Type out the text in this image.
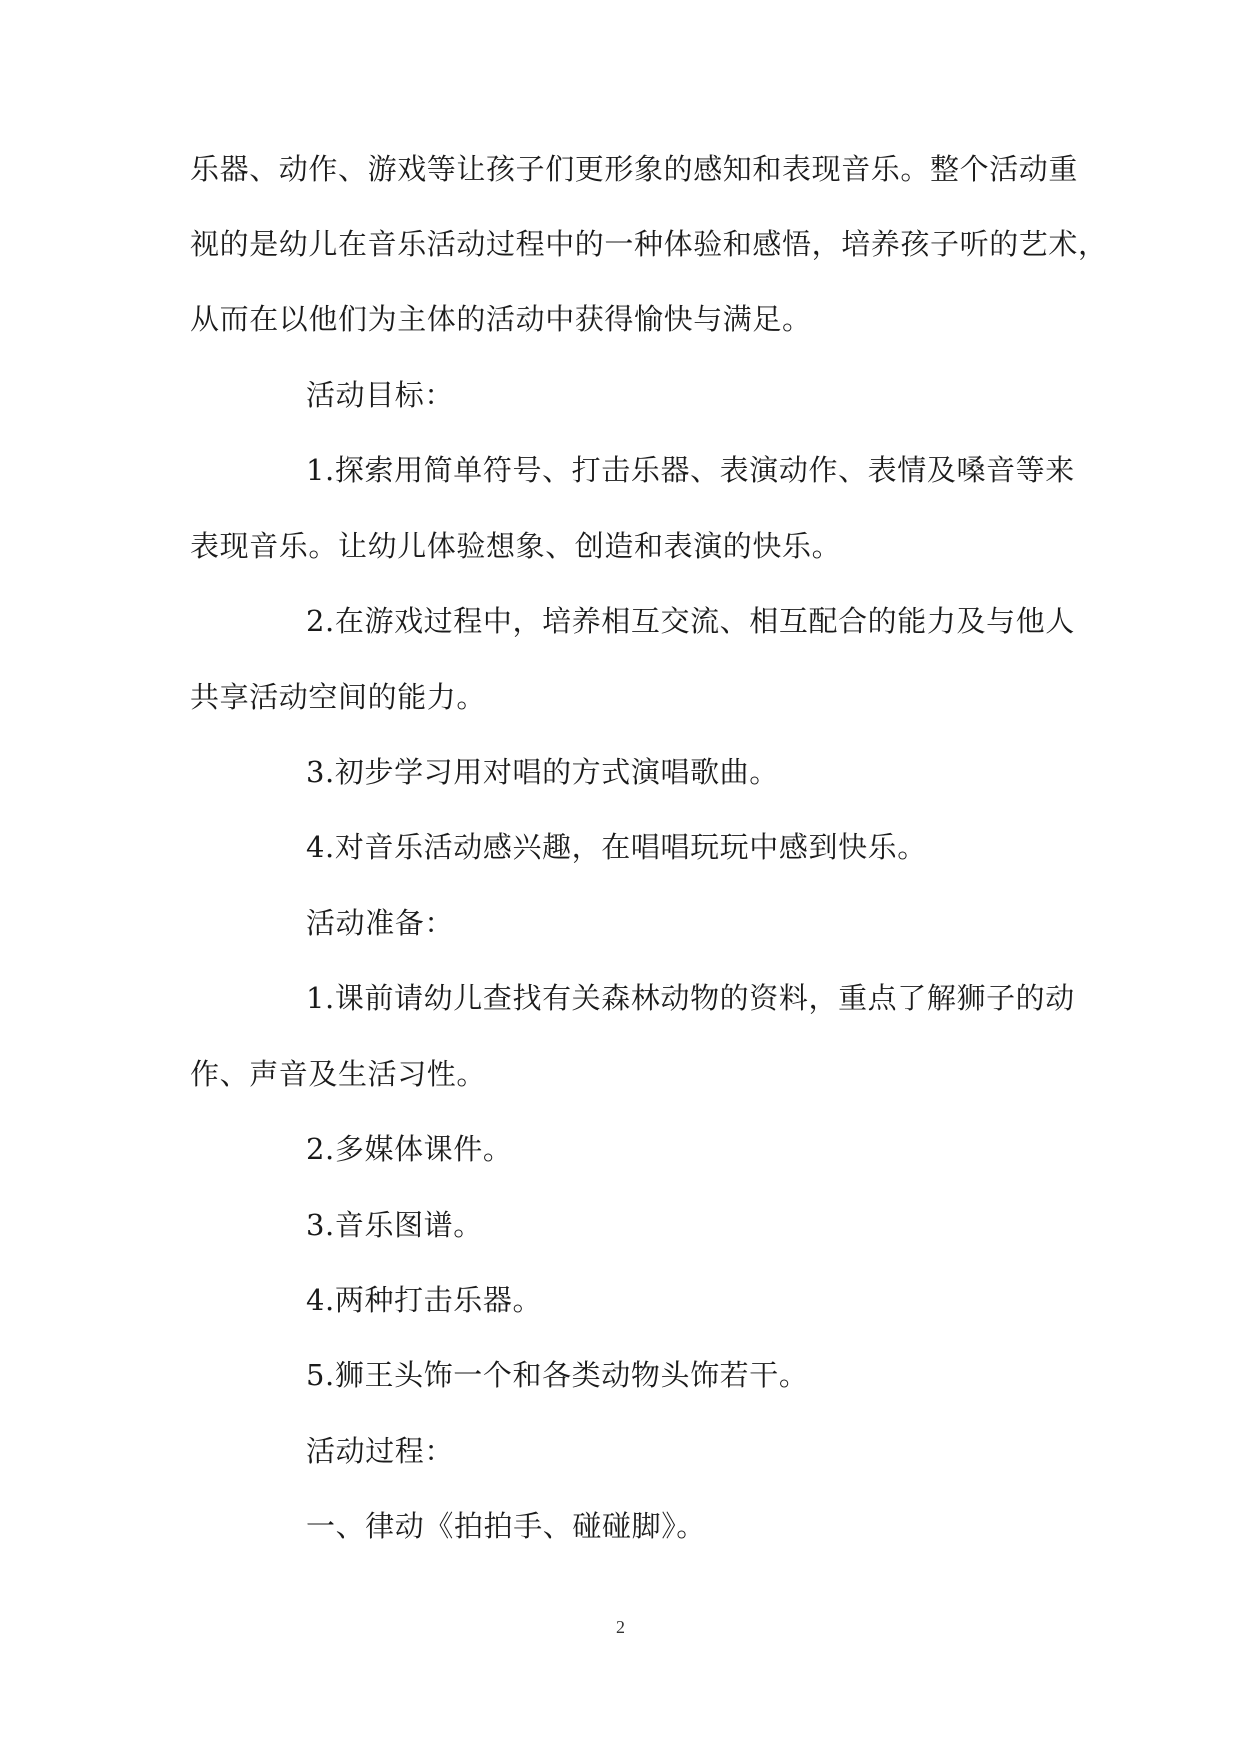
乐器、动作、游戏等让孩子们更形象的感知和表现音乐。整个活动重
视的是幼儿在音乐活动过程中的一种体验和感悟，培养孩子听的艺术，
从而在以他们为主体的活动中获得愉快与满足。
活动目标：
1.探索用简单符号、打击乐器、表演动作、表情及嗓音等来
表现音乐。让幼儿体验想象、创造和表演的快乐。
2.在游戏过程中，培养相互交流、相互配合的能力及与他人
共享活动空间的能力。
3.初步学习用对唱的方式演唱歌曲。
4.对音乐活动感兴趣，在唱唱玩玩中感到快乐。
活动准备：
1.课前请幼儿查找有关森林动物的资料，重点了解狮子的动
作、声音及生活习性。
2.多媒体课件。
3.音乐图谱。
4.两种打击乐器。
5.狮王头饰一个和各类动物头饰若干。
活动过程：
一、律动《拍拍手、碰碰脚》。
2
